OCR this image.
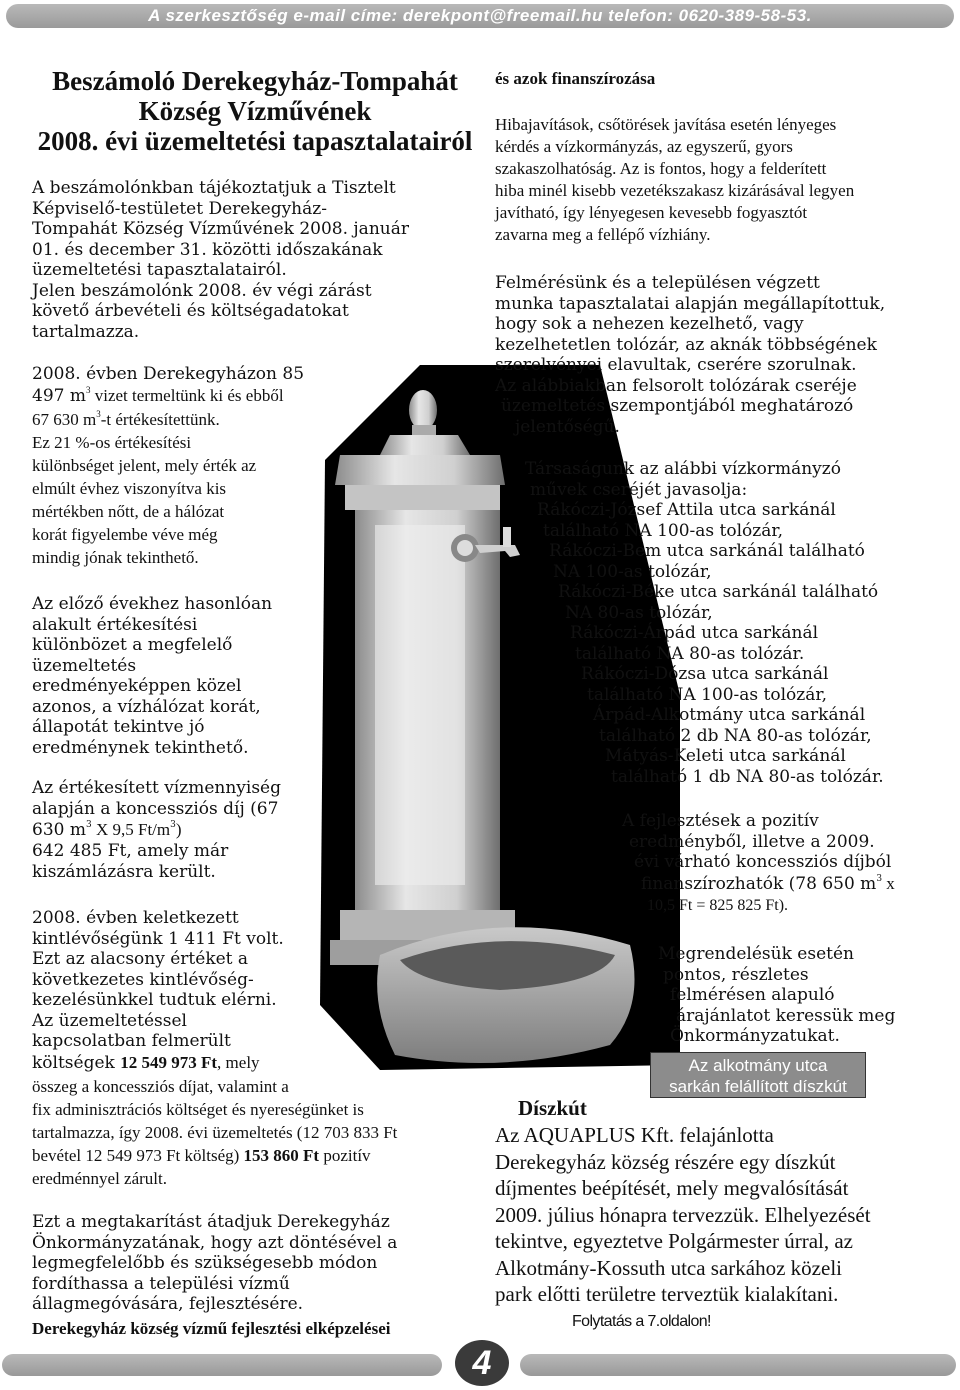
A szerkesztőség e-mail címe: derekpont@freemail.hu telefon: 0620-389-58-53.
Beszámoló Derekegyház-Tompahát
Község Vízművének
2008. évi üzemeltetési tapasztalatairól
A beszámolónkban tájékoztatjuk a Tisztelt
Képviselő-testületet Derekegyház-
Tompahát Község Vízművének 2008. január
01. és december 31. közötti időszakának
üzemeltetési tapasztalatairól.
Jelen beszámolónk 2008. év végi zárást
követő árbevételi és költségadatokat
tartalmazza.
2008. évben Derekegyházon 85
497 $m^3$ vizet termeltünk ki és ebből
67 630 $m^3-t$ értékesítettünk.
Ez 21 %-os értékesítési
különbséget jelent, mely érték az
elmúlt évhez viszonyítva kis
mértékben nőtt, de a hálózat
korát figyelembe véve még
mindig jónak tekinthető.
Az előző évekhez hasonlóan
alakult értékesítési
különbözet a megfelelő
üzemeltetés
eredményeképpen közel
azonos, a vízhálózat korát,
állapotát tekintve jó
eredménynek tekinthető.
Az értékesített vízmennyiség
alapján a koncessziós díj (67
630 $m^3$ X 9,5 $Ft/m^3$)
642 485 Ft, amely már
kiszámlázásra került.
2008. évben keletkezett
kintlévőségünk 1 411 Ft volt.
Ezt az alacsony értéket a
következetes kintlévőség-
kezelésünkkel tudtuk elérni.
Az üzemeltetéssel
kapcsolatban felmerült
költségek 12 549 973 Ft, mely
összeg a koncessziós díjat, valamint a
fix adminisztrációs költséget és nyereségünket is
tartalmazza, így 2008. évi üzemeltetés (12 703 833 Ft
bevétel 12 549 973 Ft költség) 153 860 Ft pozitív
eredménnyel zárult.
Ezt a megtakarítást átadjuk Derekegyház
Önkormányzatának, hogy azt döntésével a
legmegfelelőbb és szükségesebb módon
fordíthassa a települési vízmű
állagmegóvására, fejlesztésére.
Derekegyház község vízmű fejlesztési elképzelései
és azok finanszírozása
Hibajavítások, csőtörések javítása esetén lényeges
kérdés a vízkormányzás, az egyszerű, gyors
szakaszolhatóság. Az is fontos, hogy a felderített
hiba minél kisebb vezetékszakasz kizárásával legyen
javítható, így lényegesen kevesebb fogyasztót
zavarna meg a fellépő vízhiány.
Felmérésünk és a településen végzett
munka tapasztalatai alapján megállapítottuk,
hogy sok a nehezen kezelhető, vagy
kezelhetetlen tolózár, az aknák többségének
szerelvényei elavultak, cserére szorulnak.
Az alábbiakban felsorolt tolózárak cseréje
üzemeltetés szempontjából meghatározó
jelentőségű.
Társaságunk az alábbi vízkormányzó
művek cseréjét javasolja:
Rákóczi-József Attila utca sarkánál
található NA 100-as tolózár,
Rákóczi-Bem utca sarkánál található
NA 100-as tolózár,
Rákóczi-Béke utca sarkánál található
NA 80-as tolózár,
Rákóczi-Árpád utca sarkánál
található NA 80-as tolózár.
Rákóczi-Dózsa utca sarkánál
található NA 100-as tolózár,
Árpád-Alkotmány utca sarkánál
található 2 db NA 80-as tolózár,
Mátyás-Keleti utca sarkánál
található 1 db NA 80-as tolózár.
A fejlesztések a pozitív
eredményből, illetve a 2009.
évi várható koncessziós díjból
finanszírozhatók (78 650 $m^3$ x
10,5 Ft = 825 825 Ft).
Megrendelésük esetén
pontos, részletes
felmérésen alapuló
árajánlatot keressük meg
Önkormányzatukat.
Az alkotmány utca
sarkán felállított díszkút
Díszkút
Az AQUAPLUS Kft. felajánlotta
Derekegyház község részére egy díszkút
díjmentes beépítését, mely megvalósítását
2009. július hónapra tervezzük. Elhelyezését
tekintve, egyeztetve Polgármester úrral, az
Alkotmány-Kossuth utca sarkához közeli
park előtti területre terveztük kialakítani.
Folytatás a 7.oldalon!
4
